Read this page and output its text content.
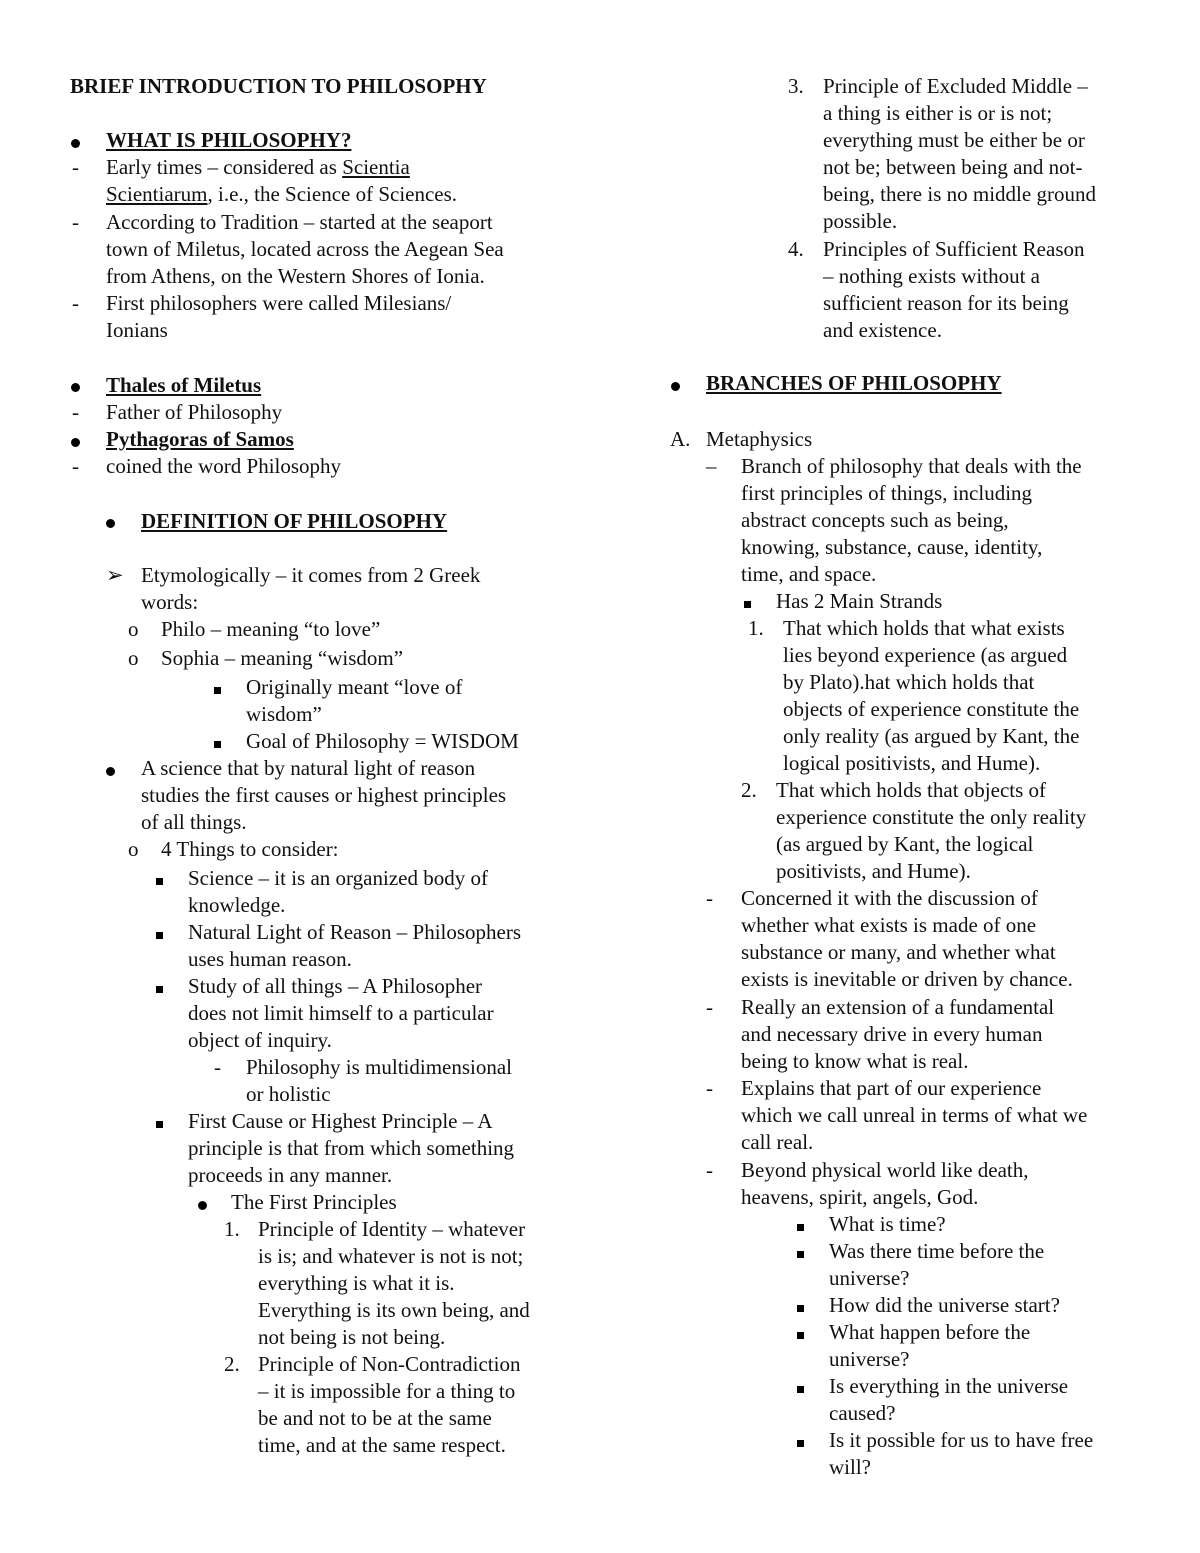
BRIEF INTRODUCTION TO PHILOSOPHY
WHAT IS PHILOSOPHY?
- Early times – considered as Scientia
Scientiarum, i.e., the Science of Sciences.
- According to Tradition – started at the seaport
town of Miletus, located across the Aegean Sea
from Athens, on the Western Shores of Ionia.
- First philosophers were called Milesians/
Ionians
Thales of Miletus
- Father of Philosophy
Pythagoras of Samos
- coined the word Philosophy
DEFINITION OF PHILOSOPHY
➢ Etymologically – it comes from 2 Greek
words:
o Philo – meaning “to love”
o Sophia – meaning “wisdom”
Originally meant “love of
wisdom”
Goal of Philosophy = WISDOM
A science that by natural light of reason
studies the first causes or highest principles
of all things.
o 4 Things to consider:
Science – it is an organized body of
knowledge.
Natural Light of Reason – Philosophers
uses human reason.
Study of all things – A Philosopher
does not limit himself to a particular
object of inquiry.
- Philosophy is multidimensional
or holistic
First Cause or Highest Principle – A
principle is that from which something
proceeds in any manner.
The First Principles
1. Principle of Identity – whatever
is is; and whatever is not is not;
everything is what it is.
Everything is its own being, and
not being is not being.
2. Principle of Non-Contradiction
– it is impossible for a thing to
be and not to be at the same
time, and at the same respect.
3. Principle of Excluded Middle –
a thing is either is or is not;
everything must be either be or
not be; between being and not-
being, there is no middle ground
possible.
4. Principles of Sufficient Reason
– nothing exists without a
sufficient reason for its being
and existence.
BRANCHES OF PHILOSOPHY
A. Metaphysics
– Branch of philosophy that deals with the
first principles of things, including
abstract concepts such as being,
knowing, substance, cause, identity,
time, and space.
Has 2 Main Strands
1. That which holds that what exists
lies beyond experience (as argued
by Plato).hat which holds that
objects of experience constitute the
only reality (as argued by Kant, the
logical positivists, and Hume).
2. That which holds that objects of
experience constitute the only reality
(as argued by Kant, the logical
positivists, and Hume).
- Concerned it with the discussion of
whether what exists is made of one
substance or many, and whether what
exists is inevitable or driven by chance.
- Really an extension of a fundamental
and necessary drive in every human
being to know what is real.
- Explains that part of our experience
which we call unreal in terms of what we
call real.
- Beyond physical world like death,
heavens, spirit, angels, God.
What is time?
Was there time before the
universe?
How did the universe start?
What happen before the
universe?
Is everything in the universe
caused?
Is it possible for us to have free
will?
